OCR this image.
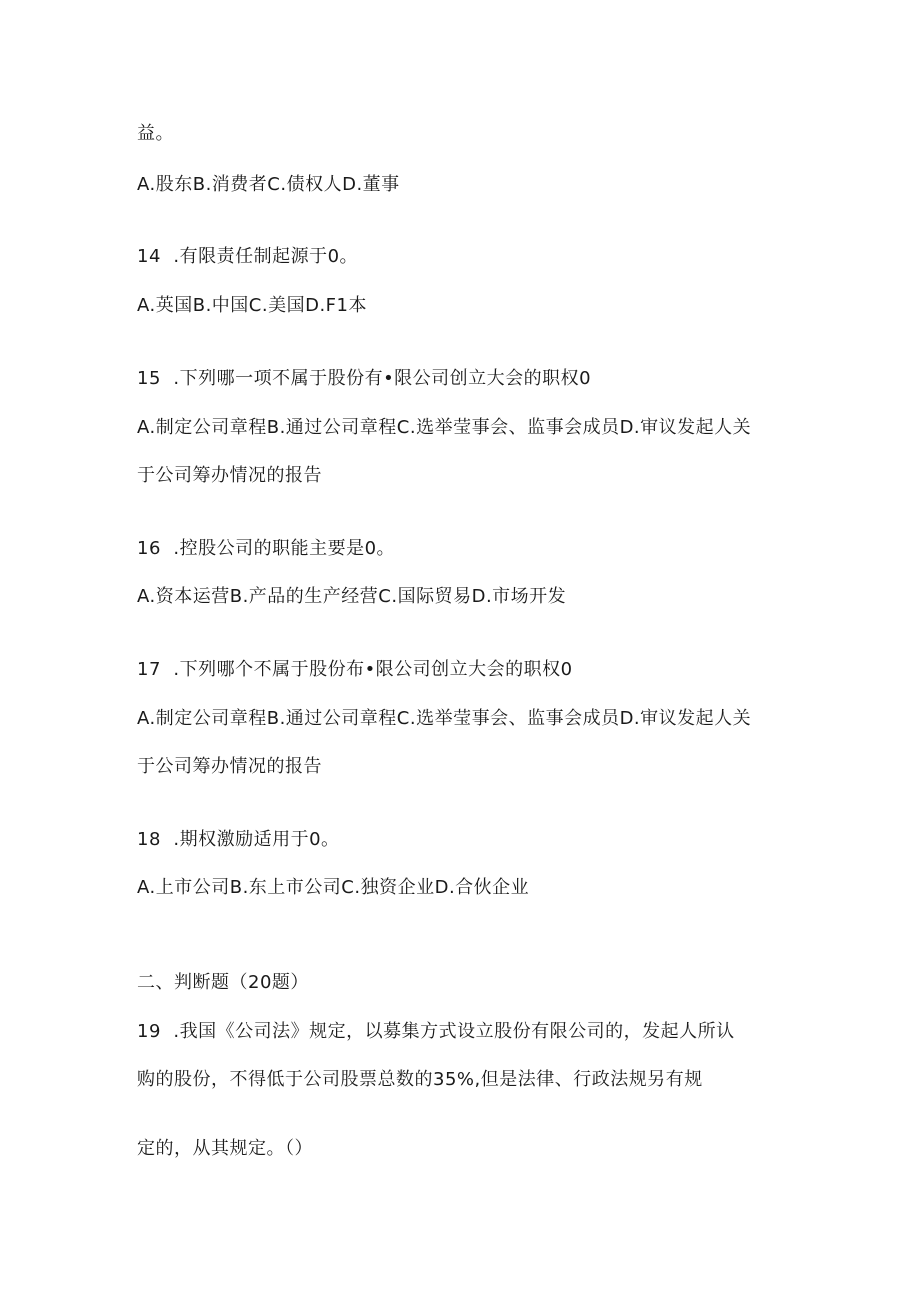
益。
A.股东B.消费者C.债权人D.董事
14  .有限责任制起源于0。
A.英国B.中国C.美国D.F1本
15  .下列哪一项不属于股份有•限公司创立大会的职权0
A.制定公司章程B.通过公司章程C.选举莹事会、监事会成员D.审议发起人关
于公司筹办情况的报告
16  .控股公司的职能主要是0。
A.资本运营B.产品的生产经营C.国际贸易D.市场开发
17  .下列哪个不属于股份布•限公司创立大会的职权0
A.制定公司章程B.通过公司章程C.选举莹事会、监事会成员D.审议发起人关
于公司筹办情况的报告
18  .期权激励适用于0。
A.上市公司B.东上市公司C.独资企业D.合伙企业
二、判断题（20题）
19  .我国《公司法》规定，以募集方式设立股份有限公司的，发起人所认
购的股份，不得低于公司股票总数的35%,但是法律、行政法规另有规
定的，从其规定。（）
